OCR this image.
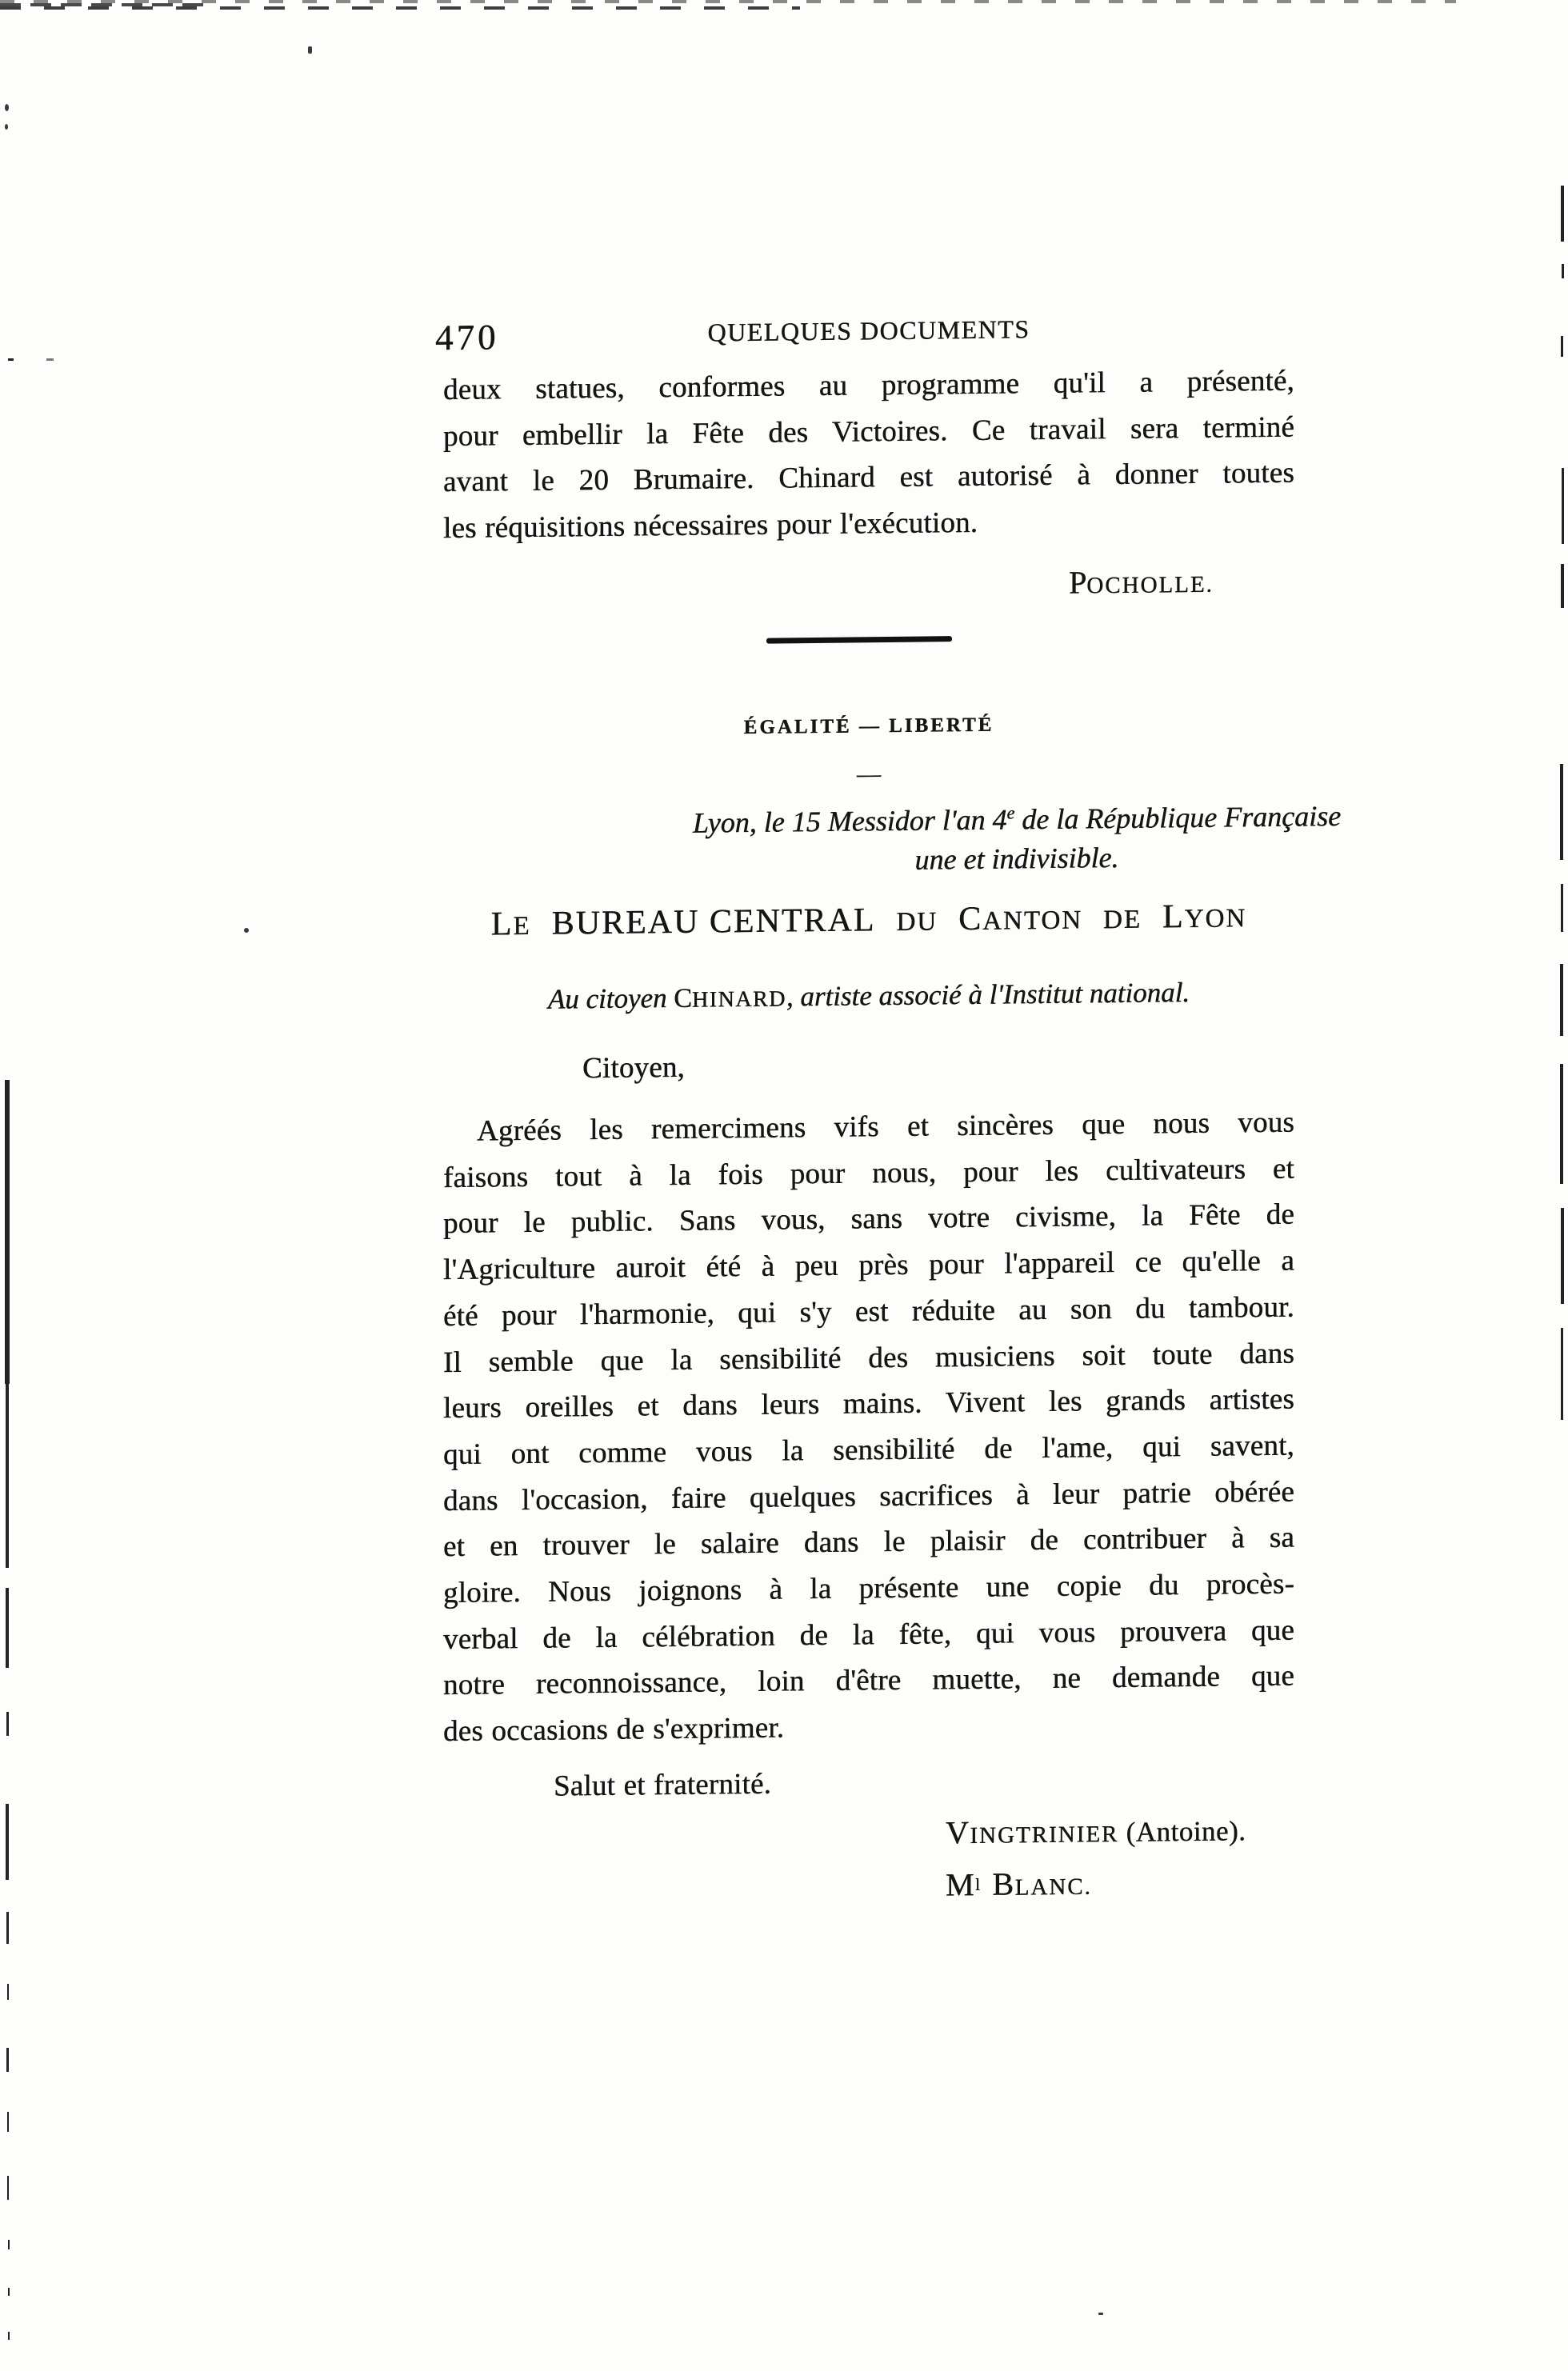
470	QUELQUES DOCUMENTS
deux statues, conformes au programme qu'il a présenté,
pour embellir la Fête des Victoires. Ce travail sera terminé
avant le 20 Brumaire. Chinard est autorisé à donner toutes
les réquisitions nécessaires pour l'exécution.
POCHOLLE.
ÉGALITÉ — LIBERTÉ
—
Lyon, le 15 Messidor l'an 4e de la République Française
une et indivisible.
LE BUREAU CENTRAL DU CANTON DE LYON
Au citoyen CHINARD, artiste associé à l'Institut national.
Citoyen,
Agréés les remercimens vifs et sincères que nous vous
faisons tout à la fois pour nous, pour les cultivateurs et
pour le public. Sans vous, sans votre civisme, la Fête de
l'Agriculture auroit été à peu près pour l'appareil ce qu'elle a
été pour l'harmonie, qui s'y est réduite au son du tambour.
Il semble que la sensibilité des musiciens soit toute dans
leurs oreilles et dans leurs mains. Vivent les grands artistes
qui ont comme vous la sensibilité de l'ame, qui savent,
dans l'occasion, faire quelques sacrifices à leur patrie obérée
et en trouver le salaire dans le plaisir de contribuer à sa
gloire. Nous joignons à la présente une copie du procès-
verbal de la célébration de la fête, qui vous prouvera que
notre reconnoissance, loin d'être muette, ne demande que
des occasions de s'exprimer.
Salut et fraternité.
VINGTRINIER (Antoine).
$M^l$ BLANC.
